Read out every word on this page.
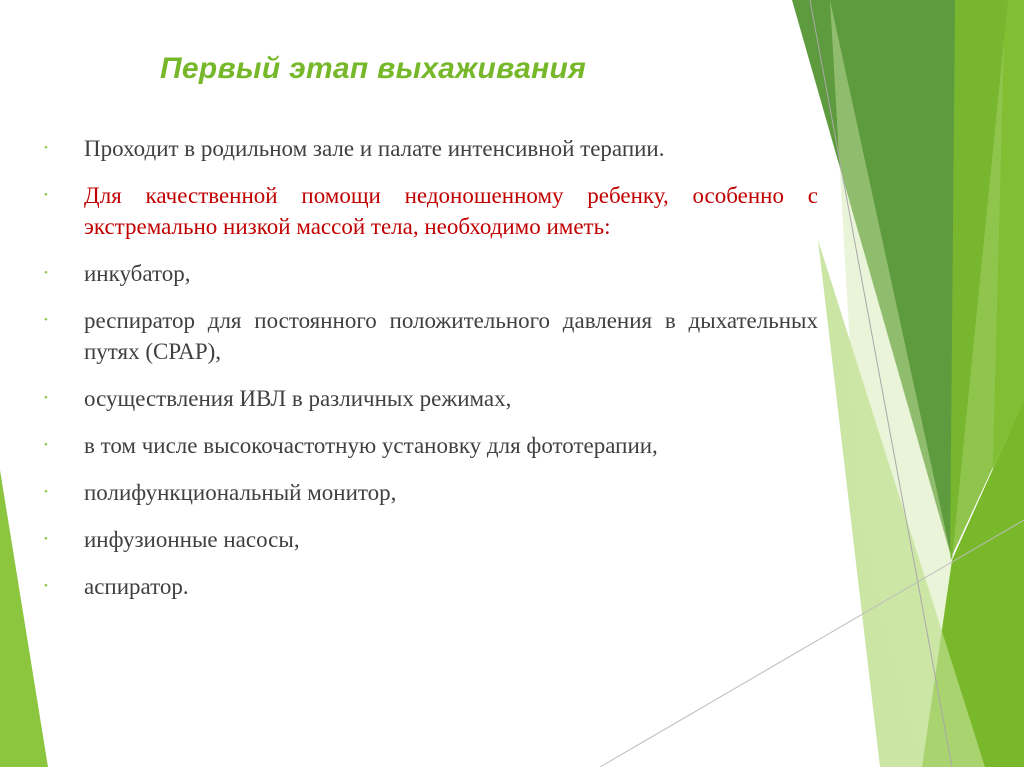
Первый этап выхаживания
• Проходит в родильном зале и палате интенсивной терапии.
• Для качественной помощи недоношенному ребенку, особенно с экстремально низкой массой тела, необходимо иметь:
• инкубатор,
• респиратор для постоянного положительного давления в дыхательных путях (СРАР),
• осуществления ИВЛ в различных режимах,
• в том числе высокочастотную установку для фототерапии,
• полифункциональный монитор,
• инфузионные насосы,
• аспиратор.
